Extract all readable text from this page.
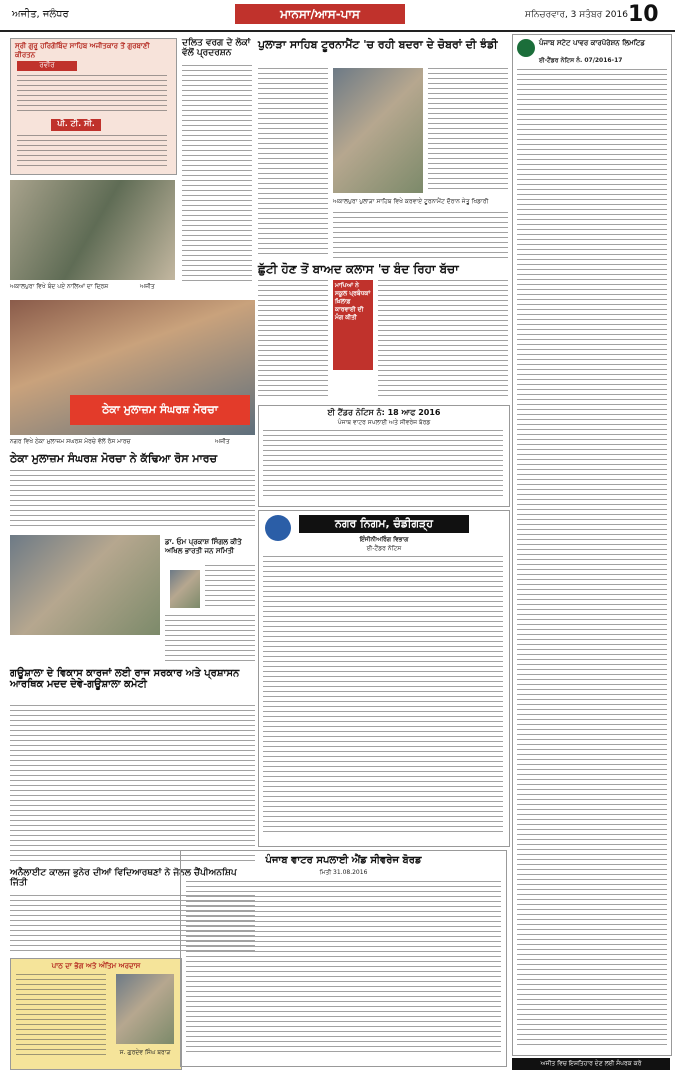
ਅਜੀਤ, ਜਲੰਧਰ	ਮਾਨਸਾ/ਆਸ-ਪਾਸ	ਸਨਿਚਰਵਾਰ, 3 ਸਤੰਬਰ 2016 10
ਸ੍ਰੀ ਗੁਰੂ ਹਰਿਗੋਬਿੰਦ ਸਾਹਿਬ ਅਜੀਤਕਾਰ ਤੋਂ ਗੁਰਬਾਣੀ ਕੀਰਤਨ
ਰਵੀਰ
ਪੀ. ਟੀ. ਸੀ.
ਦਲਿਤ ਵਰਗ ਦੇ ਲੋਕਾਂ ਵੱਲੋਂ ਪ੍ਰਦਰਸ਼ਨ
ਅਕਾਲਪੁਰਾ ਵਿਖੇ ਬੰਦ ਪਏ ਨਾਲਿਆਂ ਦਾ ਦ੍ਰਿਸ਼	ਅਜੀਤ
ਠੇਕਾ ਮੁਲਾਜ਼ਮ ਸੰਘਰਸ਼ ਮੋਰਚਾ
ਨਗਰ ਵਿਖੇ ਠੇਕਾ ਮੁਲਾਜ਼ਮ ਸਘਰਸ਼ ਮੋਰਚੇ ਵੱਲੋਂ ਰੋਸ ਮਾਰਚ	ਅਜੀਤ
ਠੇਕਾ ਮੁਲਾਜ਼ਮ ਸੰਘਰਸ਼ ਮੋਰਚਾ ਨੇ ਕੱਢਿਆ ਰੋਸ ਮਾਰਚ
ਡਾ. ਓਮ ਪ੍ਰਕਾਸ਼ ਸਿੰਗਲ ਕੀਤੇ ਅਖਿਲ ਭਾਰਤੀ ਜਨ ਸਮਿਤੀ
ਗਊਸ਼ਾਲਾ ਦੇ ਵਿਕਾਸ ਕਾਰਜਾਂ ਲਈ ਰਾਜ ਸਰਕਾਰ ਅਤੇ ਪ੍ਰਸ਼ਾਸਨ ਆਰਥਿਕ ਮਦਦ ਦੇਵੇ-ਗਊਸ਼ਾਲਾ ਕਮੇਟੀ
ਅਨੈਲਾਈਟ ਕਾਲਜ ਭੁਨੇਰ ਦੀਆਂ ਵਿਦਿਆਰਥਣਾਂ ਨੇ ਜੋਨਲ ਚੈਂਪੀਅਨਸ਼ਿਪ ਜਿੱਤੀ
ਪਾਠ ਦਾ ਭੋਗ ਅਤੇ ਅੰਤਿਮ ਅਰਦਾਸ
ਸ. ਗੁਰਦੇਵ ਸਿੰਘ ਬਰਾੜ
ਪੁਲਾੜਾ ਸਾਹਿਬ ਟੂਰਨਾਮੈਂਟ 'ਚ ਰਹੀ ਬਦਰਾ ਦੇ ਚੋਬਰਾਂ ਦੀ ਝੰਡੀ
ਅਕਾਲਪੁਰਾ ਪੁਲਾੜਾ ਸਾਹਿਬ ਵਿਖੇ ਕਰਵਾਏ ਟੂਰਨਾਮੈਂਟ ਦੌਰਾਨ ਜੇਤੂ ਖਿਡਾਰੀ
ਛੁੱਟੀ ਹੋਣ ਤੋਂ ਬਾਅਦ ਕਲਾਸ 'ਚ ਬੰਦ ਰਿਹਾ ਬੱਚਾ
ਮਾਪਿਆਂ ਨੇ ਸਕੂਲ ਪ੍ਰਬੰਧਕਾਂ ਖ਼ਿਲਾਫ਼ ਕਾਰਵਾਈ ਦੀ ਮੰਗ ਕੀਤੀ
ਈ ਟੈਂਡਰ ਨੋਟਿਸ ਨੰ: 18 ਆਫ 2016
ਪੰਜਾਬ ਵਾਟਰ ਸਪਲਾਈ ਅਤੇ ਸੀਵਰੇਜ ਬੋਰਡ
ਨਗਰ ਨਿਗਮ, ਚੰਡੀਗੜ੍ਹ
ਇੰਜੀਨੀਅਰਿੰਗ ਵਿਭਾਗ
ਈ-ਟੈਂਡਰ ਨੋਟਿਸ
ਪੰਜਾਬ ਵਾਟਰ ਸਪਲਾਈ ਐਂਡ ਸੀਵਰੇਜ ਬੋਰਡ
ਮਿਤੀ 31.08.2016
ਪੰਜਾਬ ਸਟੇਟ ਪਾਵਰ ਕਾਰਪੋਰੇਸ਼ਨ ਲਿਮਟਿਡ
ਈ-ਟੈਂਡਰ ਨੋਟਿਸ ਨੰ. 07/2016-17
ਅਜੀਤ ਵਿਚ ਇਸ਼ਤਿਹਾਰ ਦੇਣ ਲਈ ਸੰਪਰਕ ਕਰੋ
